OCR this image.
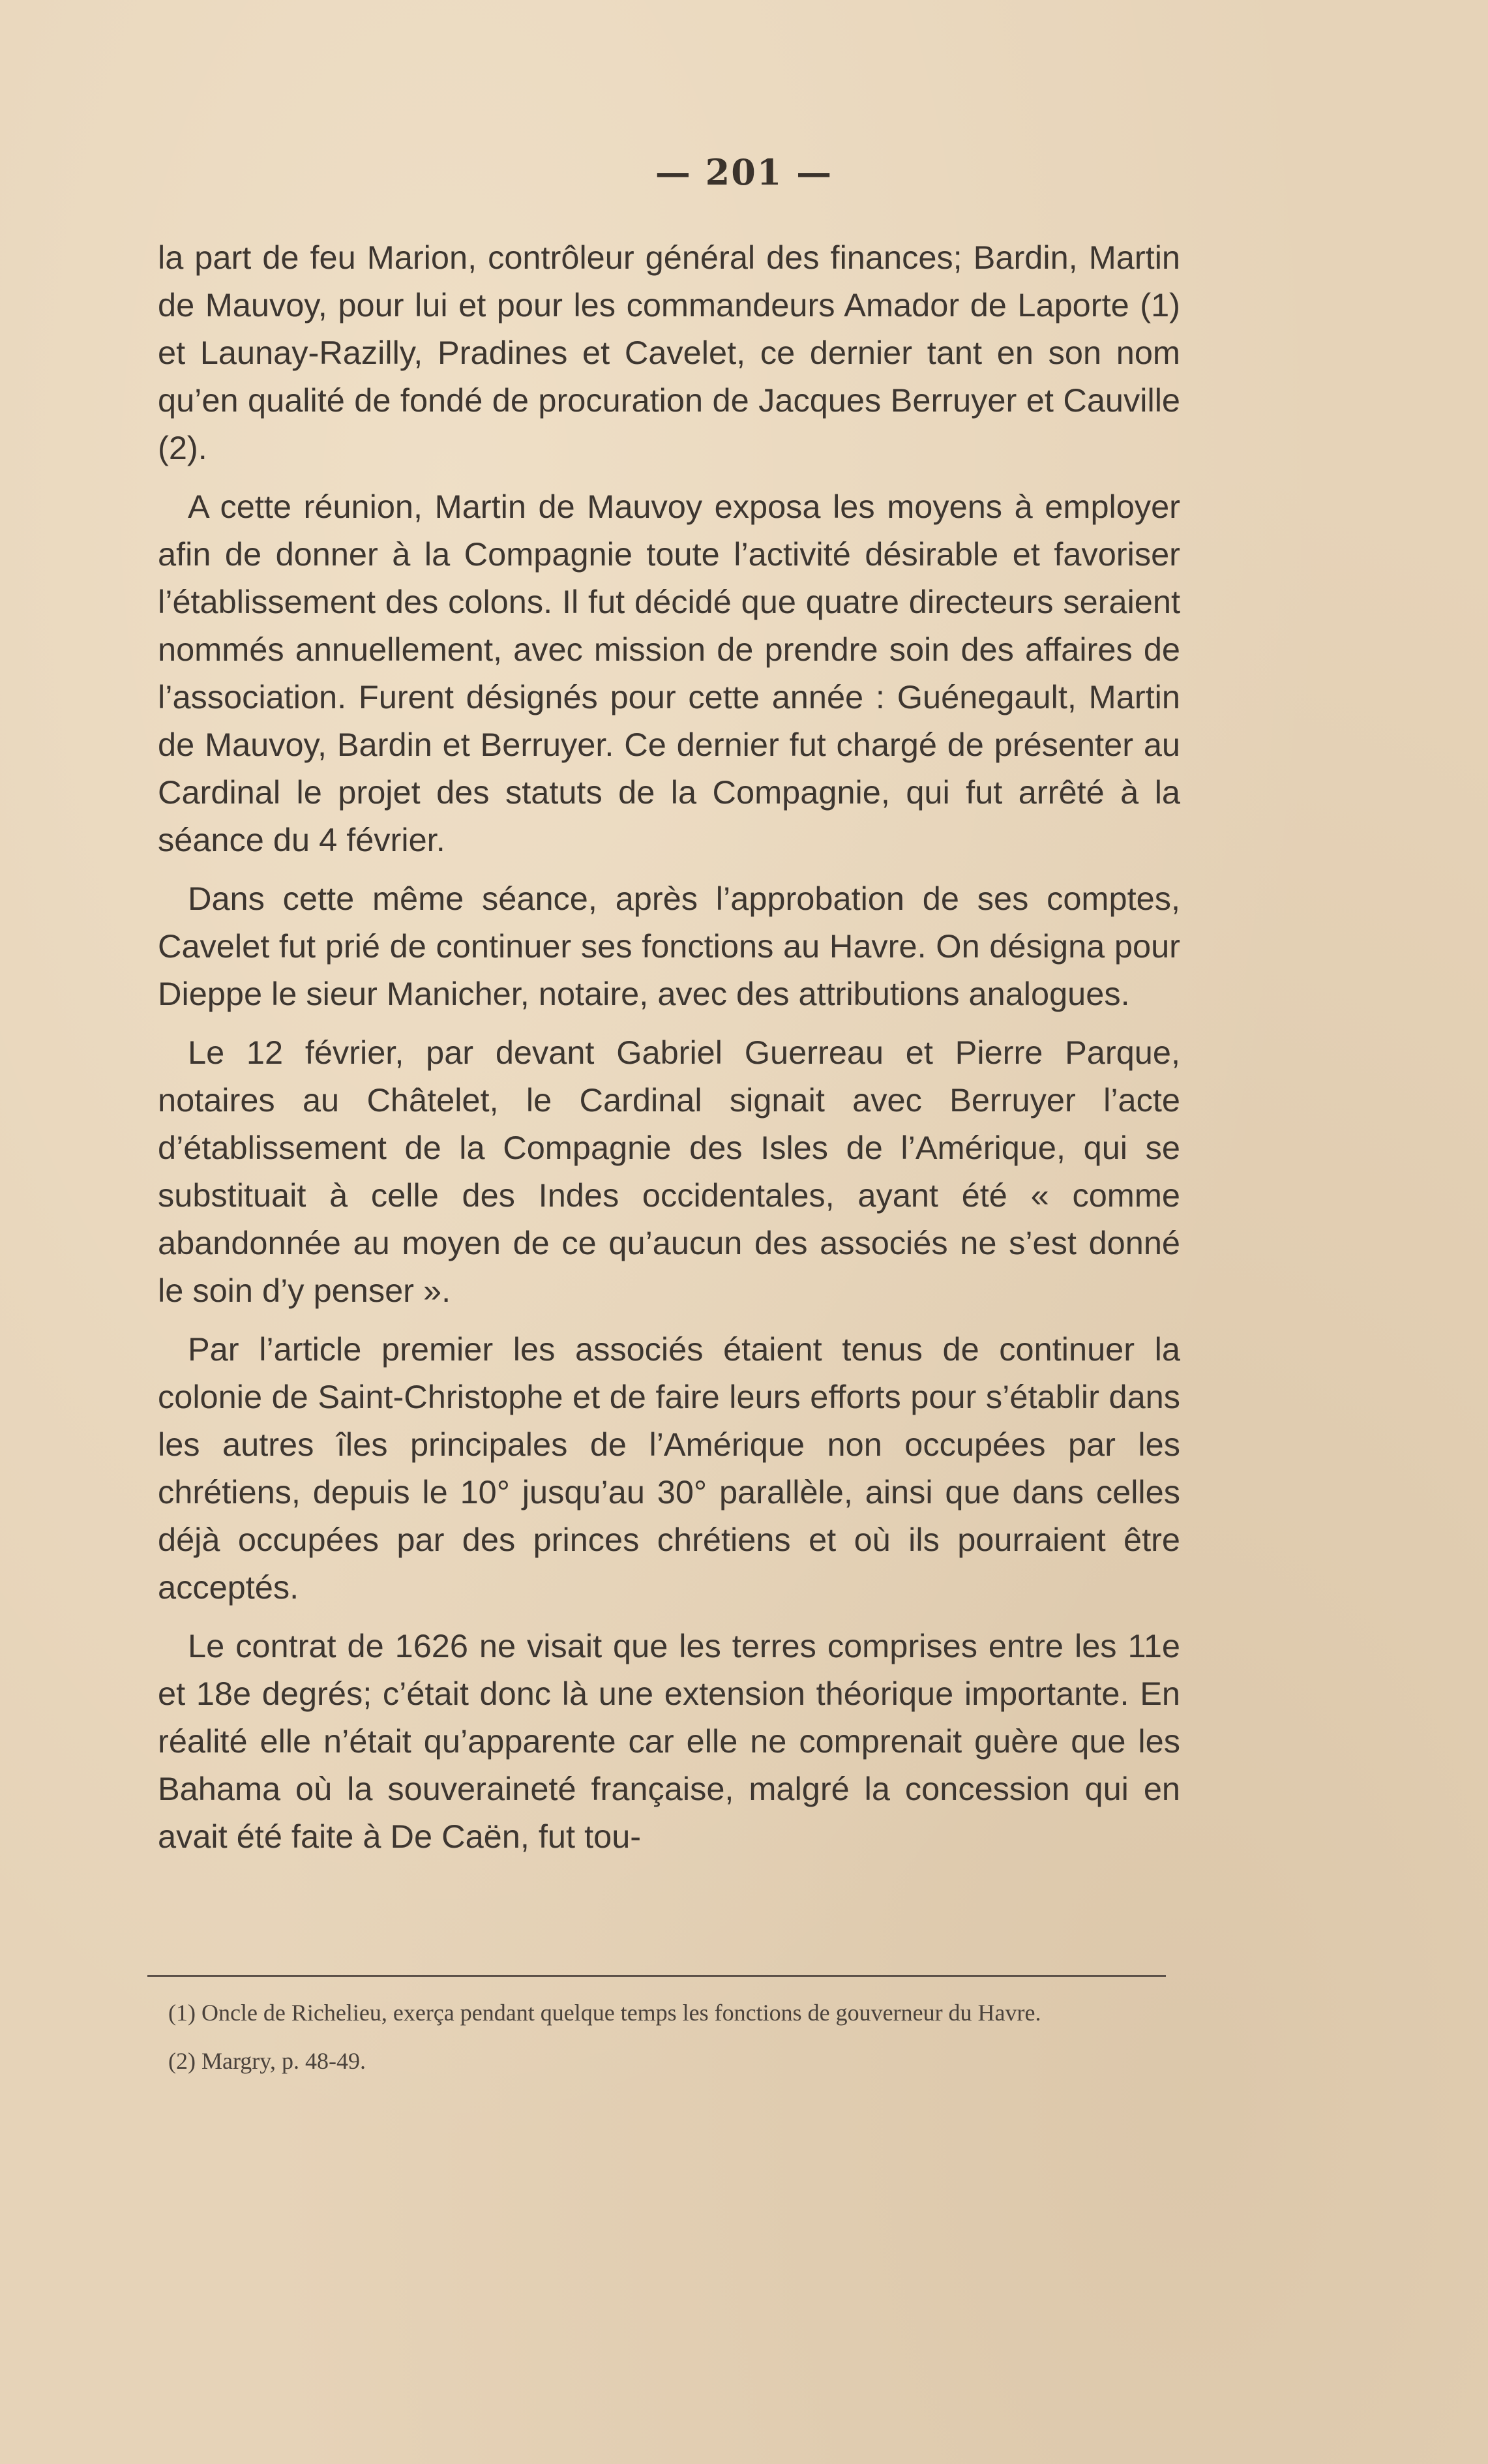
— 201 —

la part de feu Marion, contrôleur général des finances; Bardin, Martin de Mauvoy, pour lui et pour les commandeurs Amador de Laporte (1) et Launay-Razilly, Pradines et Cavelet, ce dernier tant en son nom qu’en qualité de fondé de procuration de Jacques Berruyer et Cauville (2).

A cette réunion, Martin de Mauvoy exposa les moyens à employer afin de donner à la Compagnie toute l’activité désirable et favoriser l’établissement des colons. Il fut décidé que quatre directeurs seraient nommés annuellement, avec mission de prendre soin des affaires de l’association. Furent désignés pour cette année : Guénegault, Martin de Mauvoy, Bardin et Berruyer. Ce dernier fut chargé de présenter au Cardinal le projet des statuts de la Compagnie, qui fut arrêté à la séance du 4 février.

Dans cette même séance, après l’approbation de ses comptes, Cavelet fut prié de continuer ses fonctions au Havre. On désigna pour Dieppe le sieur Manicher, notaire, avec des attributions analogues.

Le 12 février, par devant Gabriel Guerreau et Pierre Parque, notaires au Châtelet, le Cardinal signait avec Berruyer l’acte d’établissement de la Compagnie des Isles de l’Amérique, qui se substituait à celle des Indes occidentales, ayant été « comme abandonnée au moyen de ce qu’aucun des associés ne s’est donné le soin d’y penser ».

Par l’article premier les associés étaient tenus de continuer la colonie de Saint-Christophe et de faire leurs efforts pour s’établir dans les autres îles principales de l’Amérique non occupées par les chrétiens, depuis le 10° jusqu’au 30° parallèle, ainsi que dans celles déjà occupées par des princes chrétiens et où ils pourraient être acceptés.

Le contrat de 1626 ne visait que les terres comprises entre les 11e et 18e degrés; c’était donc là une extension théorique importante. En réalité elle n’était qu’apparente car elle ne comprenait guère que les Bahama où la souveraineté française, malgré la concession qui en avait été faite à De Caën, fut tou-

(1) Oncle de Richelieu, exerça pendant quelque temps les fonctions de gouverneur du Havre.

(2) Margry, p. 48-49.
